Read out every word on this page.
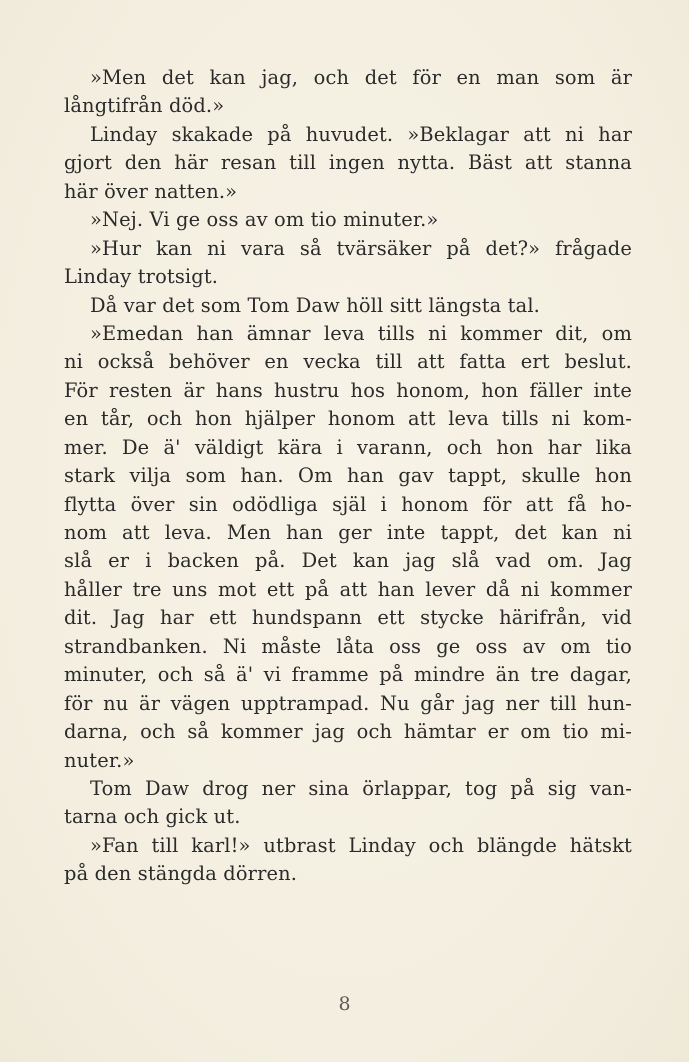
»Men det kan jag, och det för en man som är
långtifrån död.»
Linday skakade på huvudet. »Beklagar att ni har
gjort den här resan till ingen nytta. Bäst att stanna
här över natten.»
»Nej. Vi ge oss av om tio minuter.»
»Hur kan ni vara så tvärsäker på det?» frågade
Linday trotsigt.
Då var det som Tom Daw höll sitt längsta tal.
»Emedan han ämnar leva tills ni kommer dit, om
ni också behöver en vecka till att fatta ert beslut.
För resten är hans hustru hos honom, hon fäller inte
en tår, och hon hjälper honom att leva tills ni kom-
mer. De ä' väldigt kära i varann, och hon har lika
stark vilja som han. Om han gav tappt, skulle hon
flytta över sin odödliga själ i honom för att få ho-
nom att leva. Men han ger inte tappt, det kan ni
slå er i backen på. Det kan jag slå vad om. Jag
håller tre uns mot ett på att han lever då ni kommer
dit. Jag har ett hundspann ett stycke härifrån, vid
strandbanken. Ni måste låta oss ge oss av om tio
minuter, och så ä' vi framme på mindre än tre dagar,
för nu är vägen upptrampad. Nu går jag ner till hun-
darna, och så kommer jag och hämtar er om tio mi-
nuter.»
Tom Daw drog ner sina örlappar, tog på sig van-
tarna och gick ut.
»Fan till karl!» utbrast Linday och blängde hätskt
på den stängda dörren.
8
